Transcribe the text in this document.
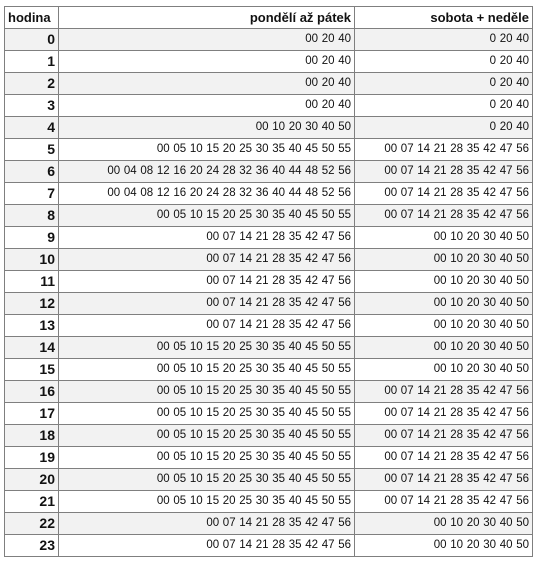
hodina	pondělí až pátek	sobota + neděle
0	00 20 40	0 20 40
1	00 20 40	0 20 40
2	00 20 40	0 20 40
3	00 20 40	0 20 40
4	00 10 20 30 40 50	0 20 40
5	00 05 10 15 20 25 30 35 40 45 50 55	00 07 14 21 28 35 42 47 56
6	00 04 08 12 16 20 24 28 32 36 40 44 48 52 56	00 07 14 21 28 35 42 47 56
7	00 04 08 12 16 20 24 28 32 36 40 44 48 52 56	00 07 14 21 28 35 42 47 56
8	00 05 10 15 20 25 30 35 40 45 50 55	00 07 14 21 28 35 42 47 56
9	00 07 14 21 28 35 42 47 56	00 10 20 30 40 50
10	00 07 14 21 28 35 42 47 56	00 10 20 30 40 50
11	00 07 14 21 28 35 42 47 56	00 10 20 30 40 50
12	00 07 14 21 28 35 42 47 56	00 10 20 30 40 50
13	00 07 14 21 28 35 42 47 56	00 10 20 30 40 50
14	00 05 10 15 20 25 30 35 40 45 50 55	00 10 20 30 40 50
15	00 05 10 15 20 25 30 35 40 45 50 55	00 10 20 30 40 50
16	00 05 10 15 20 25 30 35 40 45 50 55	00 07 14 21 28 35 42 47 56
17	00 05 10 15 20 25 30 35 40 45 50 55	00 07 14 21 28 35 42 47 56
18	00 05 10 15 20 25 30 35 40 45 50 55	00 07 14 21 28 35 42 47 56
19	00 05 10 15 20 25 30 35 40 45 50 55	00 07 14 21 28 35 42 47 56
20	00 05 10 15 20 25 30 35 40 45 50 55	00 07 14 21 28 35 42 47 56
21	00 05 10 15 20 25 30 35 40 45 50 55	00 07 14 21 28 35 42 47 56
22	00 07 14 21 28 35 42 47 56	00 10 20 30 40 50
23	00 07 14 21 28 35 42 47 56	00 10 20 30 40 50
